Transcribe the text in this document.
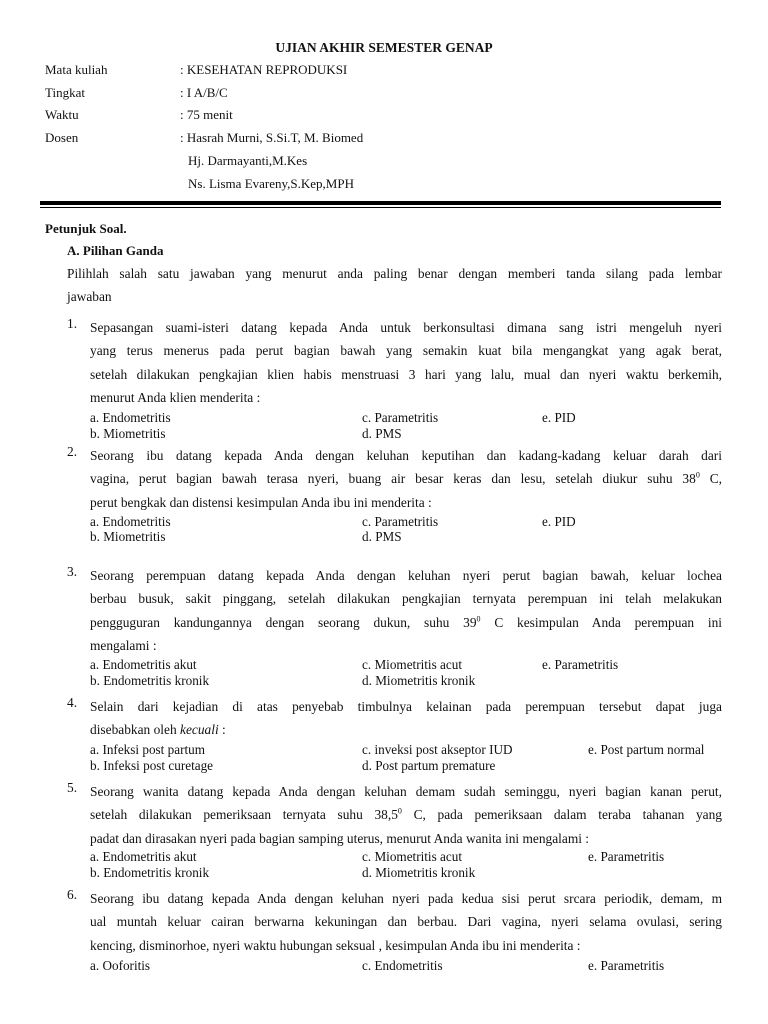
UJIAN AKHIR SEMESTER GENAP
Mata kuliah	: KESEHATAN REPRODUKSI
Tingkat	: I A/B/C
Waktu	: 75 menit
Dosen	: Hasrah Murni, S.Si.T, M. Biomed
Hj. Darmayanti,M.Kes
Ns. Lisma Evareny,S.Kep,MPH
Petunjuk Soal.
A. Pilihan Ganda
Pilihlah salah satu jawaban yang menurut anda paling benar dengan memberi tanda silang pada lembar
jawaban
1. Sepasangan suami-isteri datang kepada Anda untuk berkonsultasi dimana sang istri mengeluh nyeri
yang terus menerus pada perut bagian bawah yang semakin kuat bila mengangkat yang agak berat,
setelah dilakukan pengkajian klien habis menstruasi 3 hari yang lalu, mual dan nyeri waktu berkemih,
menurut Anda klien menderita :
a. Endometritis	c. Parametritis	e. PID
b. Miometritis	d. PMS
2. Seorang ibu datang kepada Anda dengan keluhan keputihan dan kadang-kadang keluar darah dari
vagina, perut bagian bawah terasa nyeri, buang air besar keras dan lesu, setelah diukur suhu $38^0$ C,
perut bengkak dan distensi kesimpulan Anda ibu ini menderita :
a. Endometritis	c. Parametritis	e. PID
b. Miometritis	d. PMS
3. Seorang perempuan datang kepada Anda dengan keluhan nyeri perut bagian bawah, keluar lochea
berbau busuk, sakit pinggang, setelah dilakukan pengkajian ternyata perempuan ini telah melakukan
pengguguran kandungannya dengan seorang dukun, suhu $39^0$ C kesimpulan Anda perempuan ini
mengalami :
a. Endometritis akut	c. Miometritis acut	e. Parametritis
b. Endometritis kronik	d. Miometritis kronik
4. Selain dari kejadian di atas penyebab timbulnya kelainan pada perempuan tersebut dapat juga
disebabkan oleh kecuali :
a. Infeksi post partum	c. inveksi post akseptor IUD	e. Post partum normal
b. Infeksi post curetage	d. Post partum premature
5. Seorang wanita datang kepada Anda dengan keluhan demam sudah seminggu, nyeri bagian kanan perut,
setelah dilakukan pemeriksaan ternyata suhu 38,5$^0$ C, pada pemeriksaan dalam teraba tahanan yang
padat dan dirasakan nyeri pada bagian samping uterus, menurut Anda wanita ini mengalami :
a. Endometritis akut	c. Miometritis acut	e. Parametritis
b. Endometritis kronik	d. Miometritis kronik
6. Seorang ibu datang kepada Anda dengan keluhan nyeri pada kedua sisi perut srcara periodik, demam, m
ual muntah keluar cairan berwarna kekuningan dan berbau. Dari vagina, nyeri selama ovulasi, sering
kencing, disminorhoe, nyeri waktu hubungan seksual , kesimpulan Anda ibu ini menderita :
a. Ooforitis	c. Endometritis	e. Parametritis
